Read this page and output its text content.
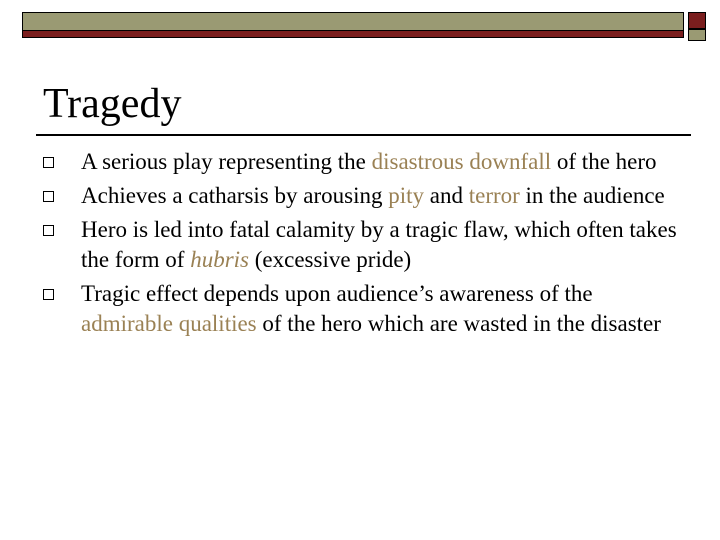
Tragedy
A serious play representing the disastrous downfall of the hero
Achieves a catharsis by arousing pity and terror in the audience
Hero is led into fatal calamity by a tragic flaw, which often takes the form of hubris (excessive pride)
Tragic effect depends upon audience’s awareness of the admirable qualities of the hero which are wasted in the disaster
